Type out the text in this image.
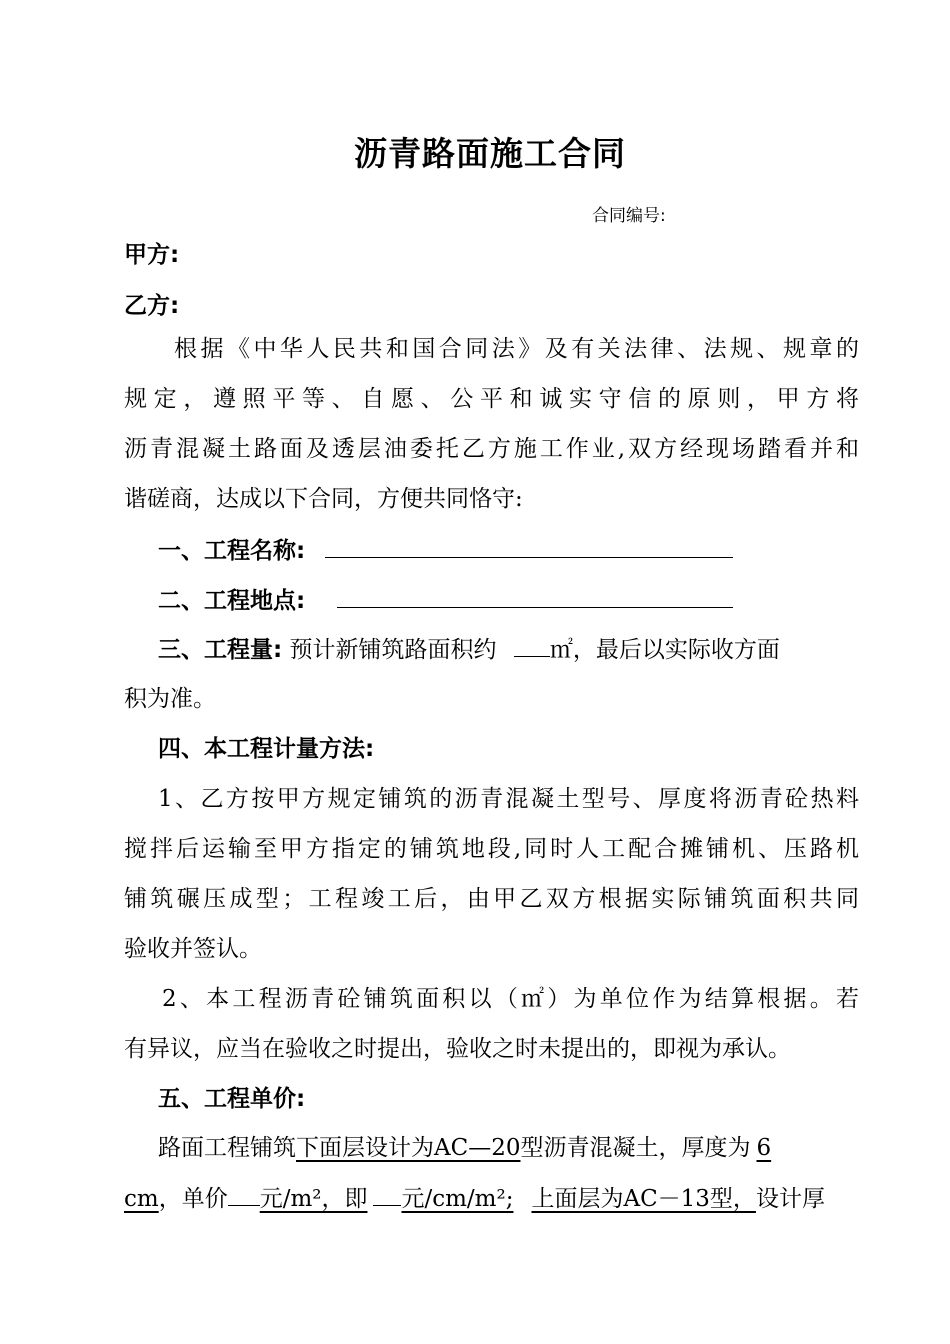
沥青路面施工合同
合同编号:
甲方:
乙方:
根据《中华人民共和国合同法》及有关法律、法规、规章的
规定，遵照平等、自愿、公平和诚实守信的原则，甲方将
沥青混凝土路面及透层油委托乙方施工作业,双方经现场踏看并和
谐磋商，达成以下合同，方便共同恪守:
一、工程名称:
二、工程地点:
三、工程量: 预计新铺筑路面积约 ㎡，最后以实际收方面
积为准。
四、本工程计量方法:
1、乙方按甲方规定铺筑的沥青混凝土型号、厚度将沥青砼热料
搅拌后运输至甲方指定的铺筑地段,同时人工配合摊铺机、压路机
铺筑碾压成型；工程竣工后，由甲乙双方根据实际铺筑面积共同
验收并签认。
2、本工程沥青砼铺筑面积以（㎡）为单位作为结算根据。若
有异议，应当在验收之时提出，验收之时未提出的，即视为承认。
五、工程单价:
路面工程铺筑下面层设计为AC—20型沥青混凝土，厚度为 6
cm，单价 元/m²，即 元/cm/m²; 上面层为AC－13型，设计厚
